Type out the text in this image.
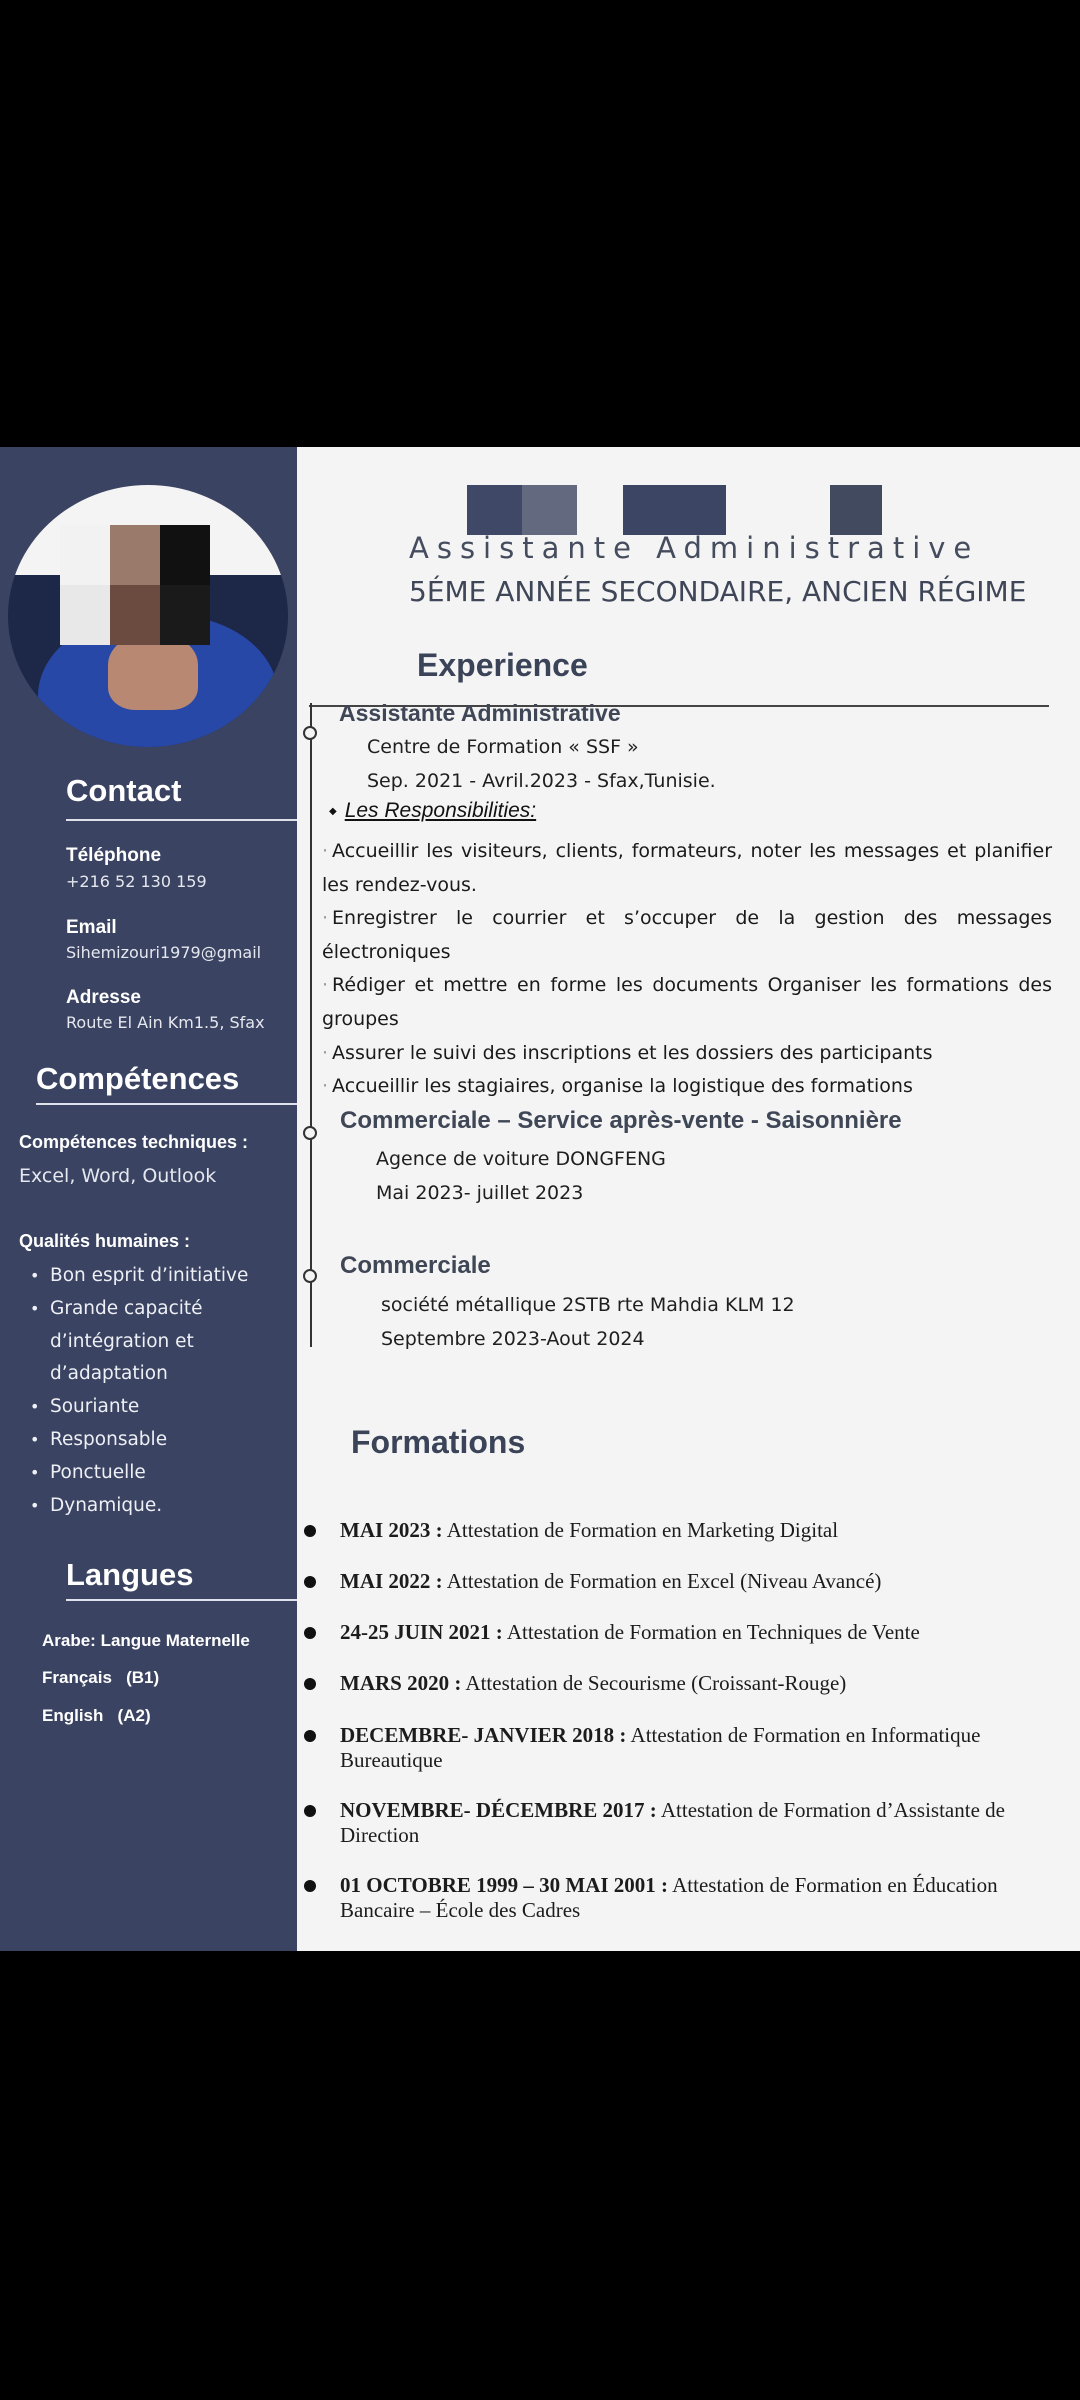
Contact
Téléphone
+216 52 130 159
Email
Sihemizouri1979@gmail
Adresse
Route El Ain Km1.5, Sfax
Compétences
Compétences techniques :
Excel, Word, Outlook
Qualités humaines :
• Bon esprit d’initiative
• Grande capacité d’intégration et d’adaptation
• Souriante
• Responsable
• Ponctuelle
• Dynamique.
Langues
Arabe: Langue Maternelle
Français   (B1)
English   (A2)
Assistante Administrative
5ÉME ANNÉE SECONDAIRE, ANCIEN RÉGIME
Experience
Assistante Administrative
Centre de Formation « SSF »
Sep. 2021 - Avril.2023 - Sfax,Tunisie.
◆ Les Responsibilities:
· Accueillir les visiteurs, clients, formateurs, noter les messages et planifier les rendez-vous.
· Enregistrer le courrier et s’occuper de la gestion des messages électroniques
· Rédiger et mettre en forme les documents Organiser les formations des groupes
· Assurer le suivi des inscriptions et les dossiers des participants
· Accueillir les stagiaires, organise la logistique des formations
Commerciale – Service après-vente - Saisonnière
Agence de voiture DONGFENG
Mai 2023- juillet 2023
Commerciale
société métallique 2STB rte Mahdia KLM 12
Septembre 2023-Aout 2024
Formations
MAI 2023 : Attestation de Formation en Marketing Digital
MAI 2022 : Attestation de Formation en Excel (Niveau Avancé)
24-25 JUIN 2021 : Attestation de Formation en Techniques de Vente
MARS 2020 : Attestation de Secourisme (Croissant-Rouge)
DECEMBRE- JANVIER 2018 : Attestation de Formation en Informatique Bureautique
NOVEMBRE- DÉCEMBRE 2017 : Attestation de Formation d’Assistante de Direction
01 OCTOBRE 1999 – 30 MAI 2001 : Attestation de Formation en Éducation Bancaire – École des Cadres
